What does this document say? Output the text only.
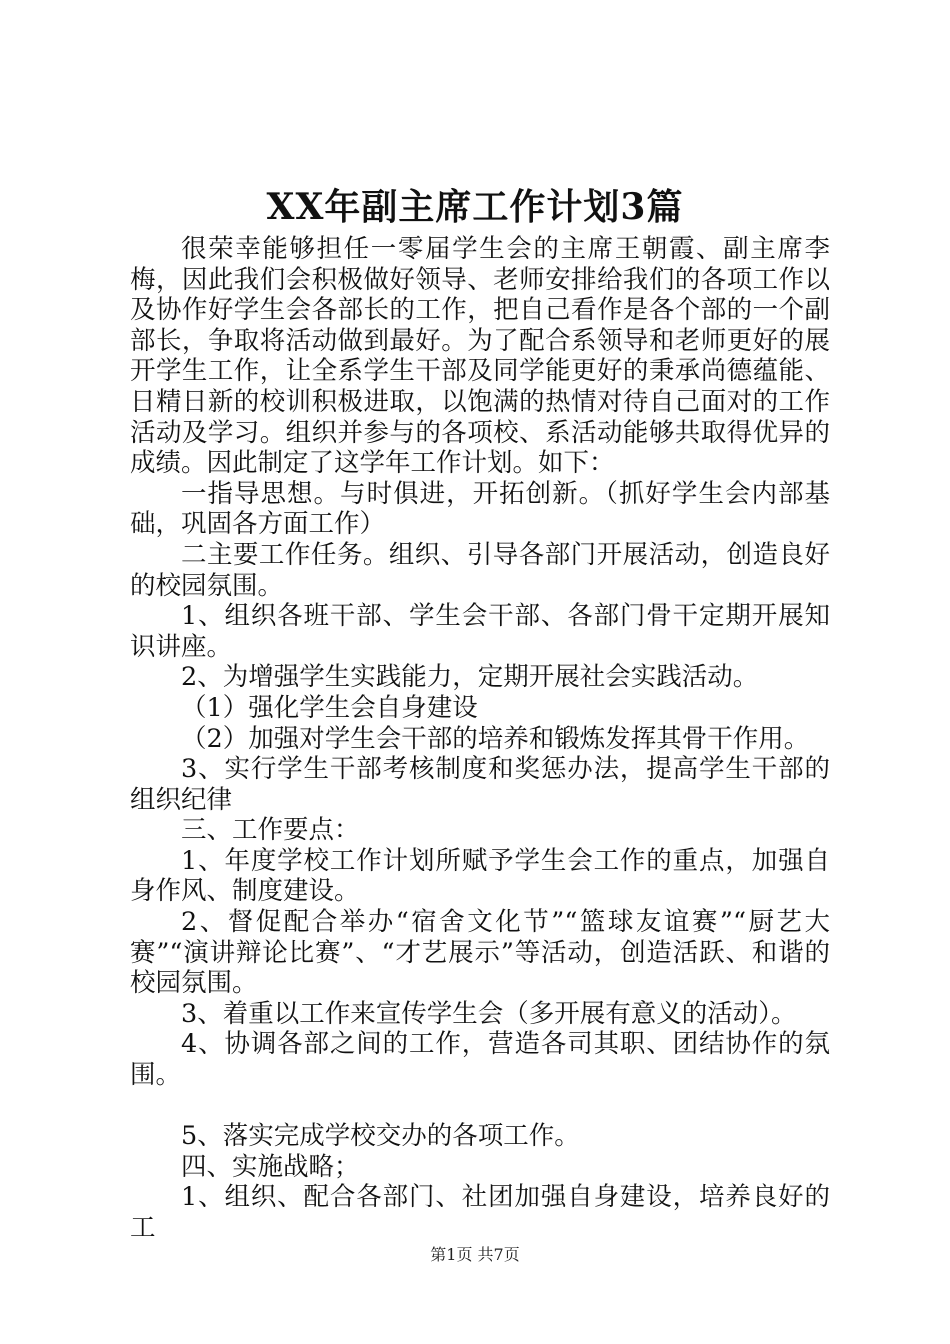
XX年副主席工作计划3篇

很荣幸能够担任一零届学生会的主席王朝霞、副主席李梅，因此我们会积极做好领导、老师安排给我们的各项工作以及协作好学生会各部长的工作，把自己看作是各个部的一个副部长，争取将活动做到最好。为了配合系领导和老师更好的展开学生工作，让全系学生干部及同学能更好的秉承尚德蕴能、日精日新的校训积极进取，以饱满的热情对待自己面对的工作活动及学习。组织并参与的各项校、系活动能够共取得优异的成绩。因此制定了这学年工作计划。如下：

一指导思想。与时俱进，开拓创新。（抓好学生会内部基础，巩固各方面工作）

二主要工作任务。组织、引导各部门开展活动，创造良好的校园氛围。

1、组织各班干部、学生会干部、各部门骨干定期开展知识讲座。

2、为增强学生实践能力，定期开展社会实践活动。

（1）强化学生会自身建设

（2）加强对学生会干部的培养和锻炼发挥其骨干作用。

3、实行学生干部考核制度和奖惩办法，提高学生干部的组织纪律

三、工作要点：

1、年度学校工作计划所赋予学生会工作的重点，加强自身作风、制度建设。

2、督促配合举办“宿舍文化节”“篮球友谊赛”“厨艺大赛”“演讲辩论比赛”、“才艺展示”等活动，创造活跃、和谐的校园氛围。

3、着重以工作来宣传学生会（多开展有意义的活动）。

4、协调各部之间的工作，营造各司其职、团结协作的氛围。

5、落实完成学校交办的各项工作。

四、实施战略；

1、组织、配合各部门、社团加强自身建设，培养良好的工

第1页 共7页
